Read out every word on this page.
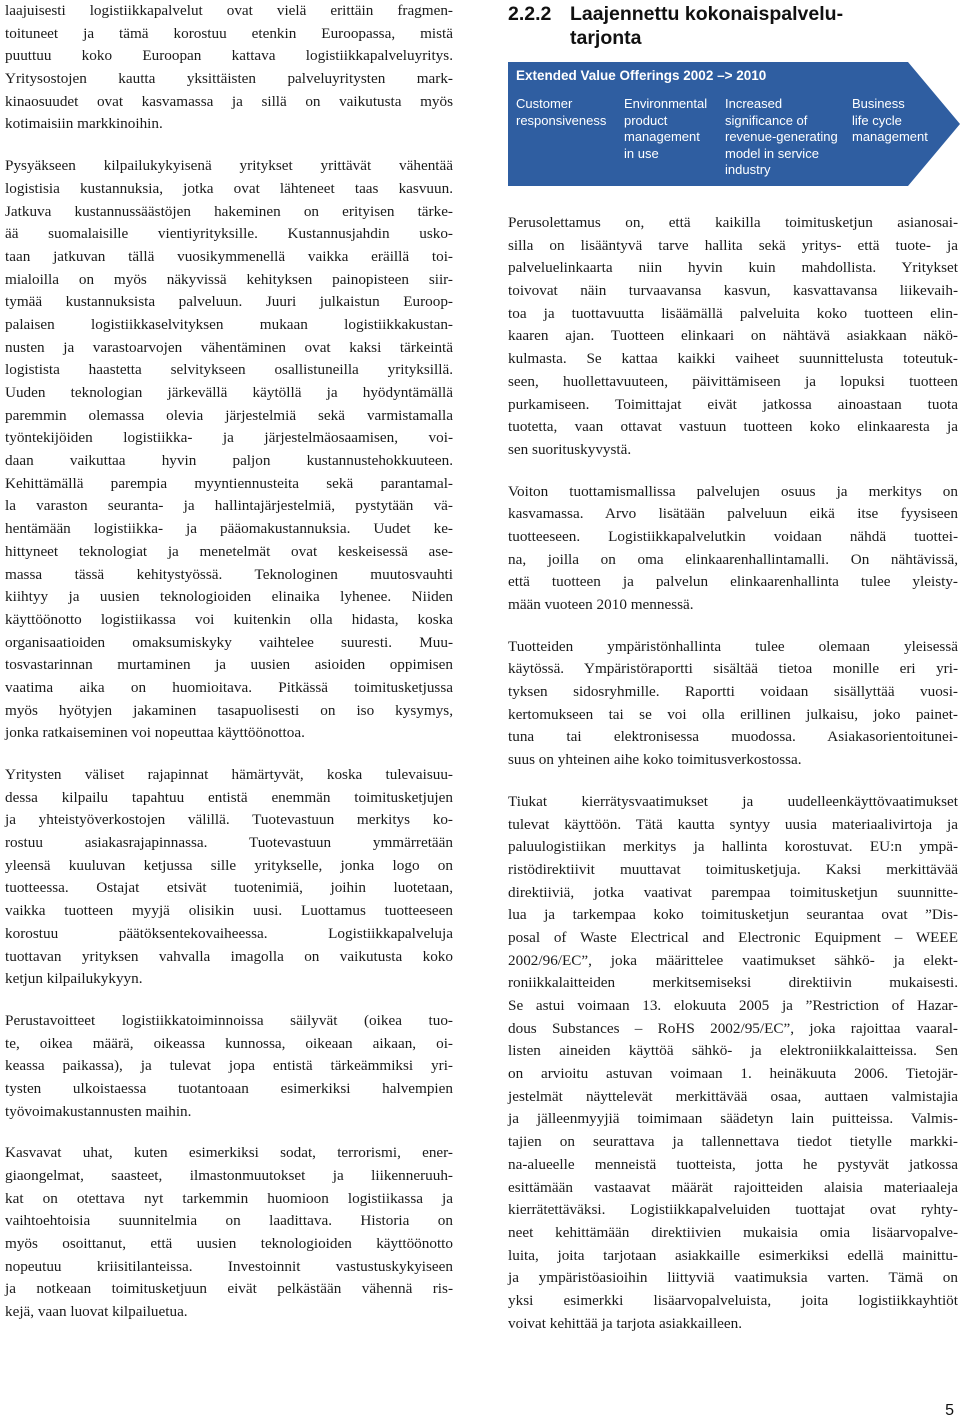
laajuisesti logistiikkapalvelut ovat vielä erittäin fragmen-
toituneet ja tämä korostuu etenkin Euroopassa, mistä
puuttuu koko Euroopan kattava logistiikkapalveluyritys.
Yritysostojen kautta yksittäisten palveluyritysten mark-
kinaosuudet ovat kasvamassa ja sillä on vaikutusta myös
kotimaisiin markkinoihin.
Pysyäkseen kilpailukykyisenä yritykset yrittävät vähentää
logistisia kustannuksia, jotka ovat lähteneet taas kasvuun.
Jatkuva kustannussäästöjen hakeminen on erityisen tärke-
ää suomalaisille vientiyrityksille. Kustannusjahdin usko-
taan jatkuvan tällä vuosikymmenellä vaikka eräillä toi-
mialoilla on myös näkyvissä kehityksen painopisteen siir-
tymää kustannuksista palveluun. Juuri julkaistun Euroop-
palaisen logistiikkaselvityksen mukaan logistiikkakustan-
nusten ja varastoarvojen vähentäminen ovat kaksi tärkeintä
logistista haastetta selvitykseen osallistuneilla yrityksillä.
Uuden teknologian järkevällä käytöllä ja hyödyntämällä
paremmin olemassa olevia järjestelmiä sekä varmistamalla
työntekijöiden logistiikka- ja järjestelmäosaamisen, voi-
daan vaikuttaa hyvin paljon kustannustehokkuuteen.
Kehittämällä parempia myyntiennusteita sekä parantamal-
la varaston seuranta- ja hallintajärjestelmiä, pystytään vä-
hentämään logistiikka- ja pääomakustannuksia. Uudet ke-
hittyneet teknologiat ja menetelmät ovat keskeisessä ase-
massa tässä kehitystyössä. Teknologinen muutosvauhti
kiihtyy ja uusien teknologioiden elinaika lyhenee. Niiden
käyttöönotto logistiikassa voi kuitenkin olla hidasta, koska
organisaatioiden omaksumiskyky vaihtelee suuresti. Muu-
tosvastarinnan murtaminen ja uusien asioiden oppimisen
vaatima aika on huomioitava. Pitkässä toimitusketjussa
myös hyötyjen jakaminen tasapuolisesti on iso kysymys,
jonka ratkaiseminen voi nopeuttaa käyttöönottoa.
Yritysten väliset rajapinnat hämärtyvät, koska tulevaisuu-
dessa kilpailu tapahtuu entistä enemmän toimitusketjujen
ja yhteistyöverkostojen välillä. Tuotevastuun merkitys ko-
rostuu asiakasrajapinnassa. Tuotevastuun ymmärretään
yleensä kuuluvan ketjussa sille yritykselle, jonka logo on
tuotteessa. Ostajat etsivät tuotenimiä, joihin luotetaan,
vaikka tuotteen myyjä olisikin uusi. Luottamus tuotteeseen
korostuu päätöksentekovaiheessa. Logistiikkapalveluja
tuottavan yrityksen vahvalla imagolla on vaikutusta koko
ketjun kilpailukykyyn.
Perustavoitteet logistiikkatoiminnoissa säilyvät (oikea tuo-
te, oikea määrä, oikeassa kunnossa, oikeaan aikaan, oi-
keassa paikassa), ja tulevat jopa entistä tärkeämmiksi yri-
tysten ulkoistaessa tuotantoaan esimerkiksi halvempien
työvoimakustannusten maihin.
Kasvavat uhat, kuten esimerkiksi sodat, terrorismi, ener-
giaongelmat, saasteet, ilmastonmuutokset ja liikenneruuh-
kat on otettava nyt tarkemmin huomioon logistiikassa ja
vaihtoehtoisia suunnitelmia on laadittava. Historia on
myös osoittanut, että uusien teknologioiden käyttöönotto
nopeutuu kriisitilanteissa. Investoinnit vastustuskykyiseen
ja notkeaan toimitusketjuun eivät pelkästään vähennä ris-
kejä, vaan luovat kilpailuetua.
2.2.2 Laajennettu kokonaispalvelu-
tarjonta
Extended Value Offerings 2002 –> 2010
Customer
responsiveness
Environmental
product
management
in use
Increased
significance of
revenue-generating
model in service
industry
Business
life cycle
management
Perusolettamus on, että kaikilla toimitusketjun asianosai-
silla on lisääntyvä tarve hallita sekä yritys- että tuote- ja
palveluelinkaarta niin hyvin kuin mahdollista. Yritykset
toivovat näin turvaavansa kasvun, kasvattavansa liikevaih-
toa ja tuottavuutta lisäämällä palveluita koko tuotteen elin-
kaaren ajan. Tuotteen elinkaari on nähtävä asiakkaan näkö-
kulmasta. Se kattaa kaikki vaiheet suunnittelusta toteutuk-
seen, huollettavuuteen, päivittämiseen ja lopuksi tuotteen
purkamiseen. Toimittajat eivät jatkossa ainoastaan tuota
tuotetta, vaan ottavat vastuun tuotteen koko elinkaaresta ja
sen suorituskyvystä.
Voiton tuottamismallissa palvelujen osuus ja merkitys on
kasvamassa. Arvo lisätään palveluun eikä itse fyysiseen
tuotteeseen. Logistiikkapalvelutkin voidaan nähdä tuottei-
na, joilla on oma elinkaarenhallintamalli. On nähtävissä,
että tuotteen ja palvelun elinkaarenhallinta tulee yleisty-
mään vuoteen 2010 mennessä.
Tuotteiden ympäristönhallinta tulee olemaan yleisessä
käytössä. Ympäristöraportti sisältää tietoa monille eri yri-
tyksen sidosryhmille. Raportti voidaan sisällyttää vuosi-
kertomukseen tai se voi olla erillinen julkaisu, joko painet-
tuna tai elektronisessa muodossa. Asiakasorientoitunei-
suus on yhteinen aihe koko toimitusverkostossa.
Tiukat kierrätysvaatimukset ja uudelleenkäyttövaatimukset
tulevat käyttöön. Tätä kautta syntyy uusia materiaalivirtoja ja
paluulogistiikan merkitys ja hallinta korostuvat. EU:n ympä-
ristödirektiivit muuttavat toimitusketjuja. Kaksi merkittävää
direktiiviä, jotka vaativat parempaa toimitusketjun suunnitte-
lua ja tarkempaa koko toimitusketjun seurantaa ovat ”Dis-
posal of Waste Electrical and Electronic Equipment – WEEE
2002/96/EC”, joka määrittelee vaatimukset sähkö- ja elekt-
roniikkalaitteiden merkitsemiseksi direktiivin mukaisesti.
Se astui voimaan 13. elokuuta 2005 ja ”Restriction of Hazar-
dous Substances – RoHS 2002/95/EC”, joka rajoittaa vaaral-
listen aineiden käyttöä sähkö- ja elektroniikkalaitteissa. Sen
on arvioitu astuvan voimaan 1. heinäkuuta 2006. Tietojär-
jestelmät näyttelevät merkittävää osaa, auttaen valmistajia
ja jälleenmyyjiä toimimaan säädetyn lain puitteissa. Valmis-
tajien on seurattava ja tallennettava tiedot tietylle markki-
na-alueelle menneistä tuotteista, jotta he pystyvät jatkossa
esittämään vastaavat määrät rajoitteiden alaisia materiaaleja
kierrätettäväksi. Logistiikkapalveluiden tuottajat ovat ryhty-
neet kehittämään direktiivien mukaisia omia lisäarvopalve-
luita, joita tarjotaan asiakkaille esimerkiksi edellä mainittu-
ja ympäristöasioihin liittyviä vaatimuksia varten. Tämä on
yksi esimerkki lisäarvopalveluista, joita logistiikkayhtiöt
voivat kehittää ja tarjota asiakkailleen.
5
